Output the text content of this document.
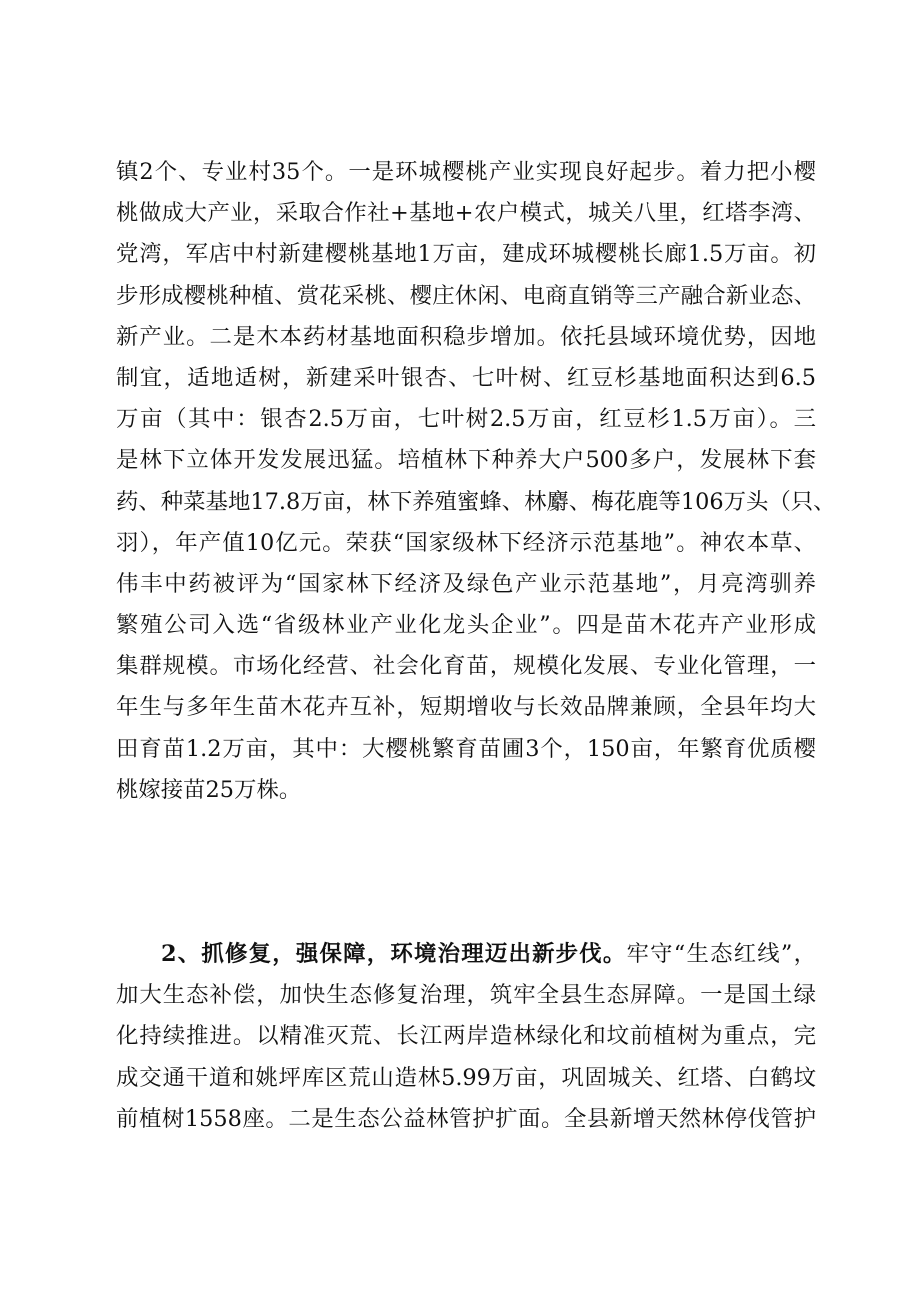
镇2个、专业村35个。一是环城樱桃产业实现良好起步。着力把小樱
桃做成大产业，采取合作社+基地+农户模式，城关八里，红塔李湾、
党湾，军店中村新建樱桃基地1万亩，建成环城樱桃长廊1.5万亩。初
步形成樱桃种植、赏花采桃、樱庄休闲、电商直销等三产融合新业态、
新产业。二是木本药材基地面积稳步增加。依托县域环境优势，因地
制宜，适地适树，新建采叶银杏、七叶树、红豆杉基地面积达到6.5
万亩（其中：银杏2.5万亩，七叶树2.5万亩，红豆杉1.5万亩）。三
是林下立体开发发展迅猛。培植林下种养大户500多户，发展林下套
药、种菜基地17.8万亩，林下养殖蜜蜂、林麝、梅花鹿等106万头（只、
羽），年产值10亿元。荣获“国家级林下经济示范基地”。神农本草、
伟丰中药被评为“国家林下经济及绿色产业示范基地”，月亮湾驯养
繁殖公司入选“省级林业产业化龙头企业”。四是苗木花卉产业形成
集群规模。市场化经营、社会化育苗，规模化发展、专业化管理，一
年生与多年生苗木花卉互补，短期增收与长效品牌兼顾，全县年均大
田育苗1.2万亩，其中：大樱桃繁育苗圃3个，150亩，年繁育优质樱
桃嫁接苗25万株。
2、抓修复，强保障，环境治理迈出新步伐。牢守“生态红线”，
加大生态补偿，加快生态修复治理，筑牢全县生态屏障。一是国土绿
化持续推进。以精准灭荒、长江两岸造林绿化和坟前植树为重点，完
成交通干道和姚坪库区荒山造林5.99万亩，巩固城关、红塔、白鹤坟
前植树1558座。二是生态公益林管护扩面。全县新增天然林停伐管护
